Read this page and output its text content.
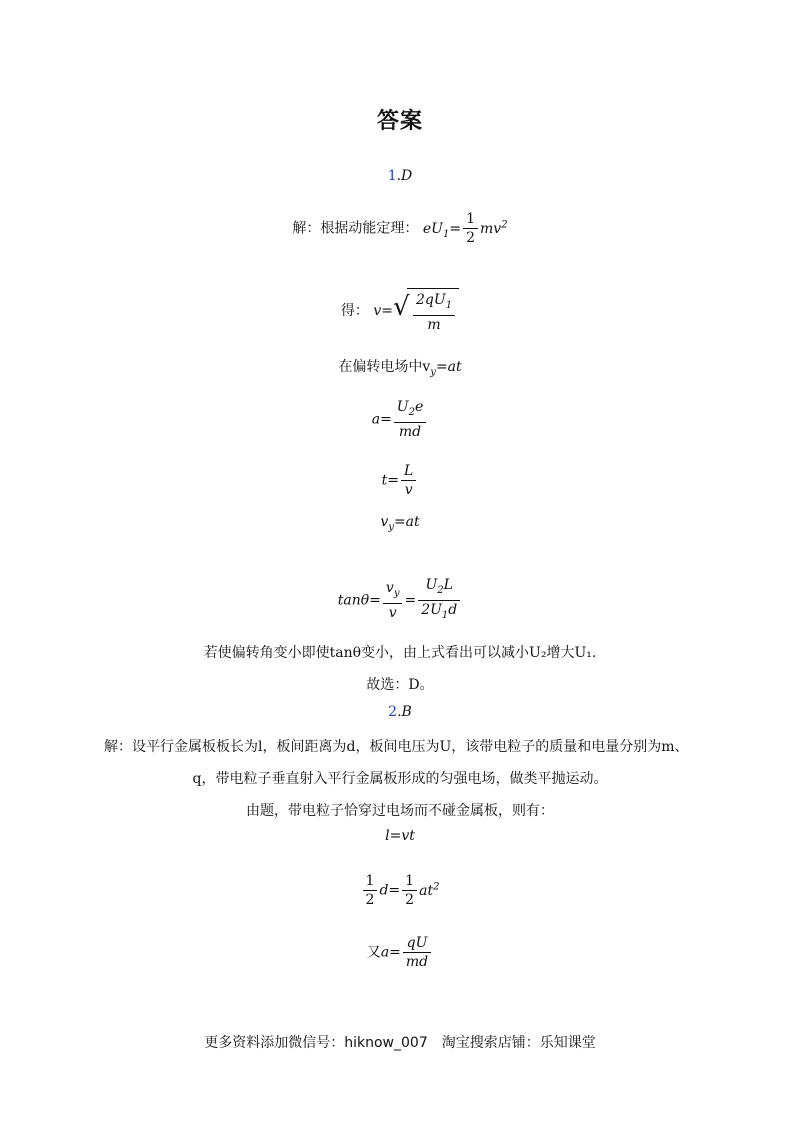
答案
1.D
解：根据动能定理： $eU_1= \frac{1}{2} mv^2$
得： v= √ $\frac{2qU_1}{m}$
在偏转电场中$v_y=at$
$a= \frac{U_2e}{md}$
$t= \frac{L}{v}$
$v_y=at$
$\tan\theta= \frac{v_y}{v} = \frac{U_2L}{2U_1d}$
若使偏转角变小即使tanθ变小，由上式看出可以减小U₂增大U₁.
故选：D。
2.B
解：设平行金属板板长为l，板间距离为d，板间电压为U，该带电粒子的质量和电量分别为m、
q，带电粒子垂直射入平行金属板形成的匀强电场，做类平抛运动。
由题，带电粒子恰穿过电场而不碰金属板，则有：
l=vt
$\frac{1}{2} d= \frac{1}{2} at^2$
又$a= \frac{qU}{md}$
更多资料添加微信号：hiknow_007　淘宝搜索店铺：乐知课堂
